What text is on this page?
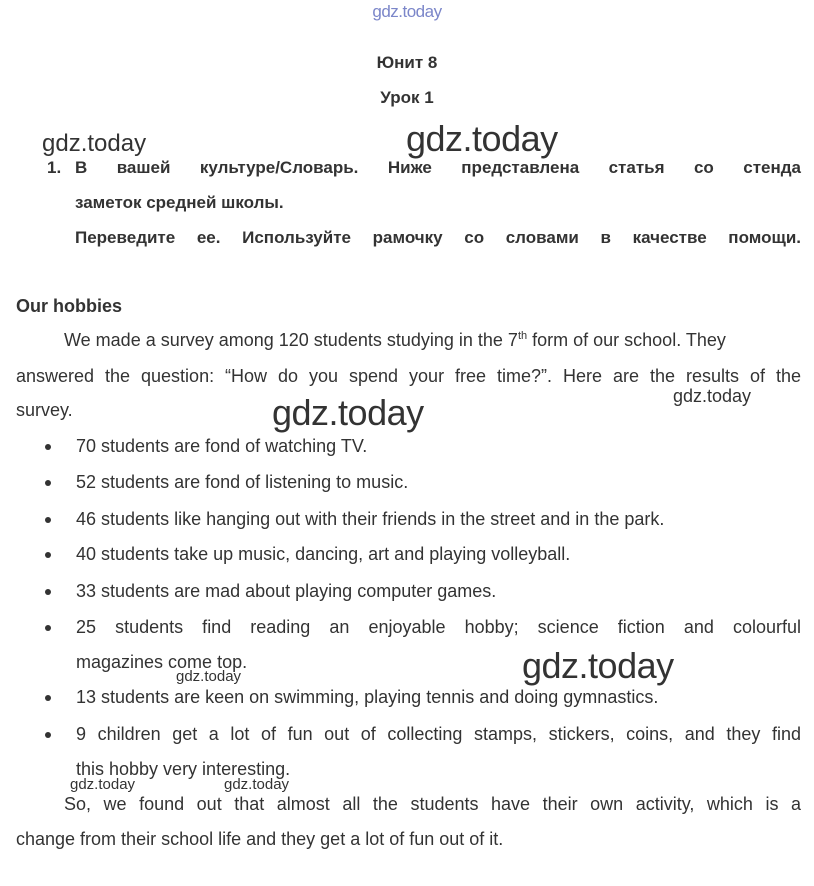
gdz.today
Юнит 8
Урок 1
gdz.today	gdz.today
1. В вашей культуре/Словарь. Ниже представлена статья со стенда
заметок средней школы.
Переведите ее. Используйте рамочку со словами в качестве помощи.
Our hobbies
We made a survey among 120 students studying in the 7th form of our school. They
answered the question: “How do you spend your free time?”. Here are the results of the
survey.	gdz.today	gdz.today
70 students are fond of watching TV.
52 students are fond of listening to music.
46 students like hanging out with their friends in the street and in the park.
40 students take up music, dancing, art and playing volleyball.
33 students are mad about playing computer games.
25 students find reading an enjoyable hobby; science fiction and colourful
magazines come top.
gdz.today	gdz.today
13 students are keen on swimming, playing tennis and doing gymnastics.
9 children get a lot of fun out of collecting stamps, stickers, coins, and they find
this hobby very interesting.
gdz.today	gdz.today
So, we found out that almost all the students have their own activity, which is a
change from their school life and they get a lot of fun out of it.
